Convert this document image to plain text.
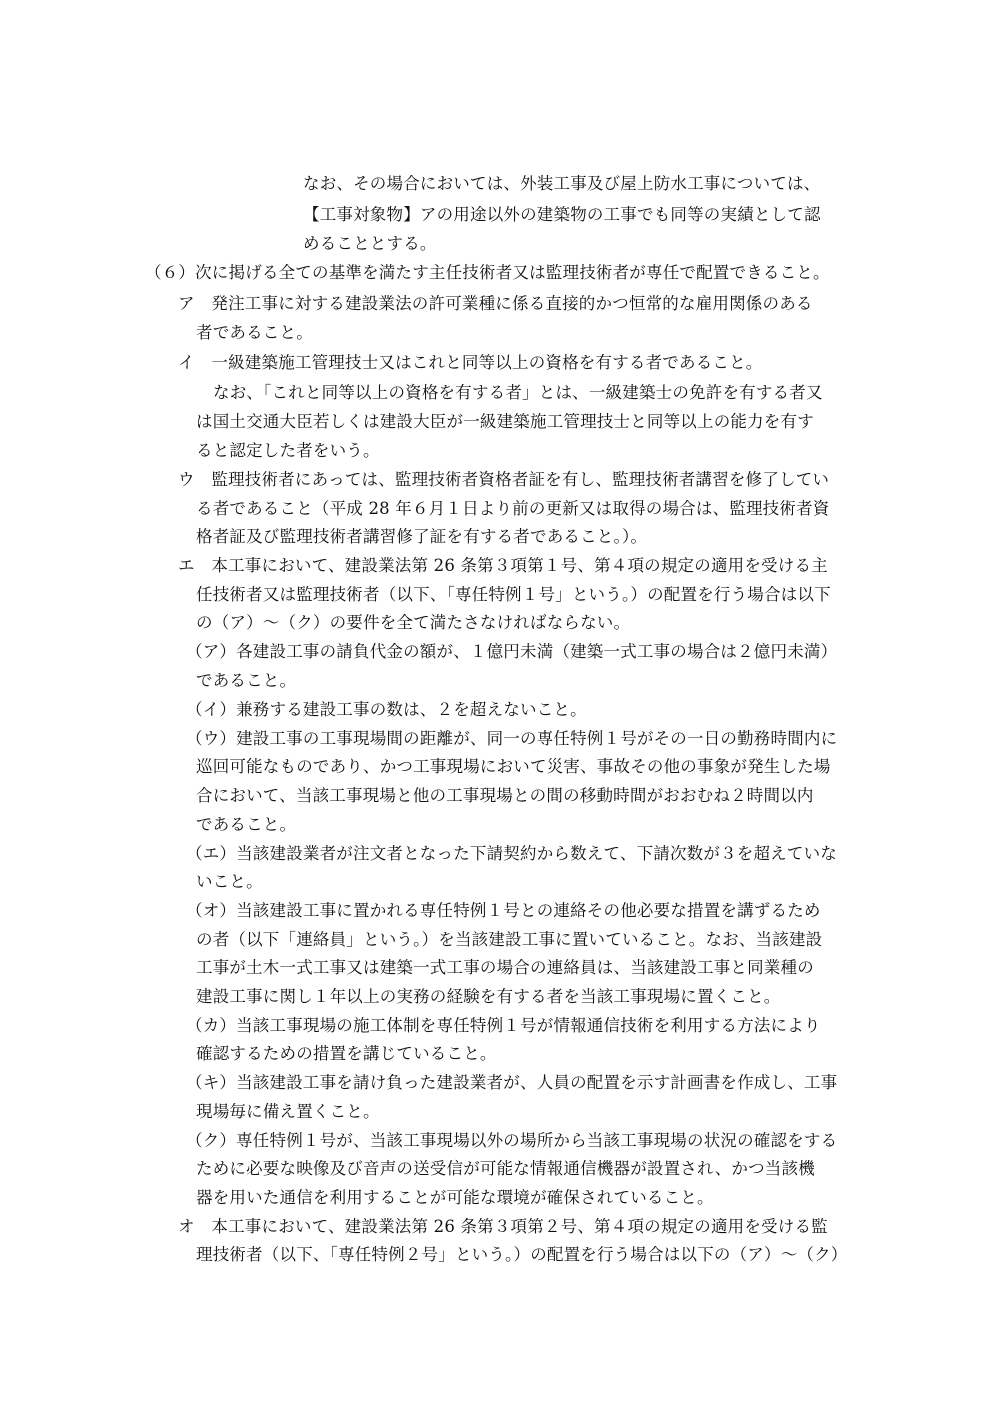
なお、その場合においては、外装工事及び屋上防水工事については、
【工事対象物】アの用途以外の建築物の工事でも同等の実績として認
めることとする。
（６）次に掲げる全ての基準を満たす主任技術者又は監理技術者が専任で配置できること。
ア　発注工事に対する建設業法の許可業種に係る直接的かつ恒常的な雇用関係のある
者であること。
イ　一級建築施工管理技士又はこれと同等以上の資格を有する者であること。
なお、「これと同等以上の資格を有する者」とは、一級建築士の免許を有する者又
は国土交通大臣若しくは建設大臣が一級建築施工管理技士と同等以上の能力を有す
ると認定した者をいう。
ウ　監理技術者にあっては、監理技術者資格者証を有し、監理技術者講習を修了してい
る者であること（平成 28 年６月１日より前の更新又は取得の場合は、監理技術者資
格者証及び監理技術者講習修了証を有する者であること。）。
エ　本工事において、建設業法第 26 条第３項第１号、第４項の規定の適用を受ける主
任技術者又は監理技術者（以下、「専任特例１号」という。）の配置を行う場合は以下
の（ア）～（ク）の要件を全て満たさなければならない。
（ア）各建設工事の請負代金の額が、１億円未満（建築一式工事の場合は２億円未満）
であること。
（イ）兼務する建設工事の数は、２を超えないこと。
（ウ）建設工事の工事現場間の距離が、同一の専任特例１号がその一日の勤務時間内に
巡回可能なものであり、かつ工事現場において災害、事故その他の事象が発生した場
合において、当該工事現場と他の工事現場との間の移動時間がおおむね２時間以内
であること。
（エ）当該建設業者が注文者となった下請契約から数えて、下請次数が３を超えていな
いこと。
（オ）当該建設工事に置かれる専任特例１号との連絡その他必要な措置を講ずるため
の者（以下「連絡員」という。）を当該建設工事に置いていること。なお、当該建設
工事が土木一式工事又は建築一式工事の場合の連絡員は、当該建設工事と同業種の
建設工事に関し１年以上の実務の経験を有する者を当該工事現場に置くこと。
（カ）当該工事現場の施工体制を専任特例１号が情報通信技術を利用する方法により
確認するための措置を講じていること。
（キ）当該建設工事を請け負った建設業者が、人員の配置を示す計画書を作成し、工事
現場毎に備え置くこと。
（ク）専任特例１号が、当該工事現場以外の場所から当該工事現場の状況の確認をする
ために必要な映像及び音声の送受信が可能な情報通信機器が設置され、かつ当該機
器を用いた通信を利用することが可能な環境が確保されていること。
オ　本工事において、建設業法第 26 条第３項第２号、第４項の規定の適用を受ける監
理技術者（以下、「専任特例２号」という。）の配置を行う場合は以下の（ア）～（ク）
